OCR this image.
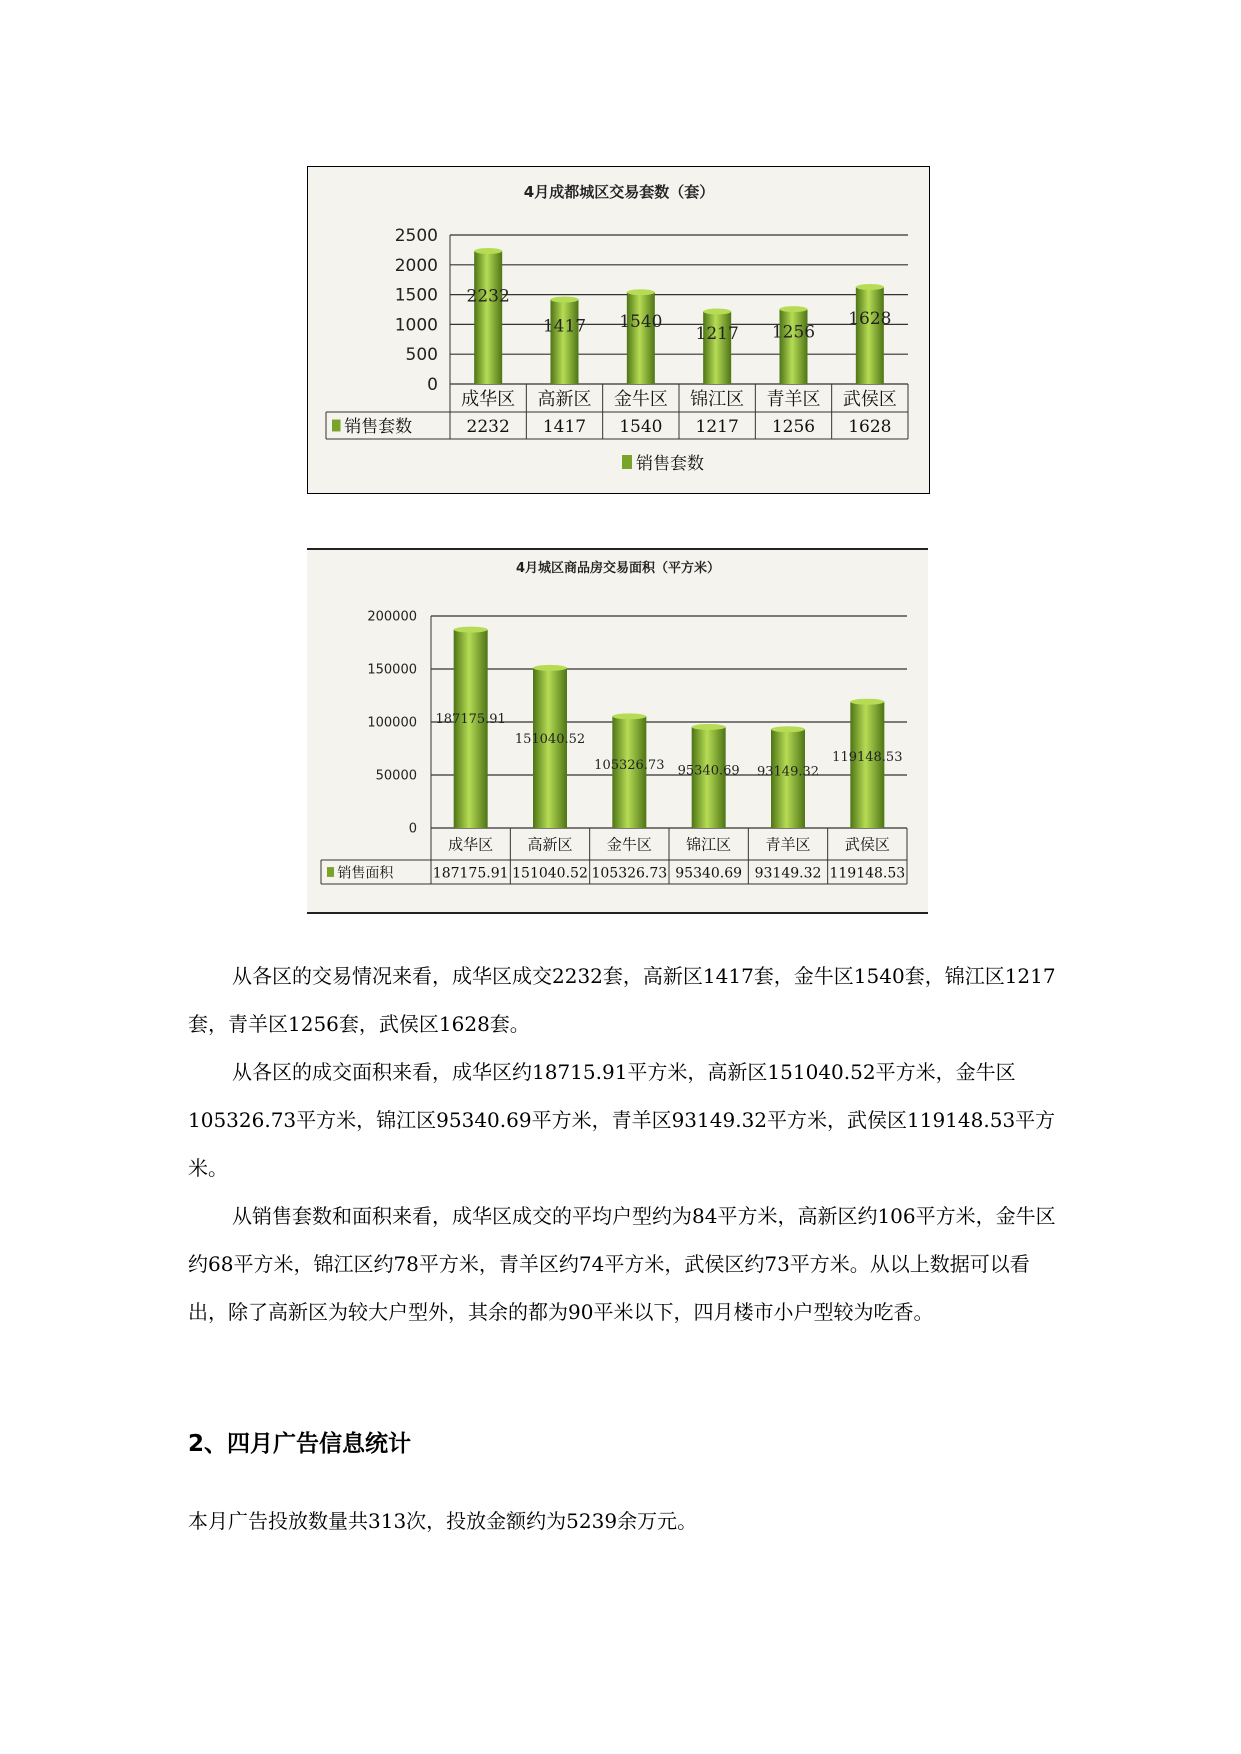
4月成都城区交易套数（套）
0
500
1000
1500
2000
2500
2232
1417 1540
1217 1256
1628
成华区
2232
高新区
1417
金牛区
1540
锦江区
1217
青羊区
1256
武侯区
1628
销售套数
销售套数
4月城区商品房交易面积（平方米）
0
50000
100000
150000
200000
187175.91
151040.52
105326.73 95340.69 93149.32
119148.53
成华区
187175.91
高新区
151040.52
金牛区
105326.73
锦江区
95340.69
青羊区
93149.32
武侯区
119148.53
销售面积

从各区的交易情况来看，成华区成交2232套，高新区1417套，金牛区1540套，锦江区1217套，青羊区1256套，武侯区1628套。

从各区的成交面积来看，成华区约18715.91平方米，高新区151040.52平方米，金牛区105326.73平方米，锦江区95340.69平方米，青羊区93149.32平方米，武侯区119148.53平方米。

从销售套数和面积来看，成华区成交的平均户型约为84平方米，高新区约106平方米，金牛区约68平方米，锦江区约78平方米，青羊区约74平方米，武侯区约73平方米。从以上数据可以看出，除了高新区为较大户型外，其余的都为90平米以下，四月楼市小户型较为吃香。

2、四月广告信息统计

本月广告投放数量共313次，投放金额约为5239余万元。
